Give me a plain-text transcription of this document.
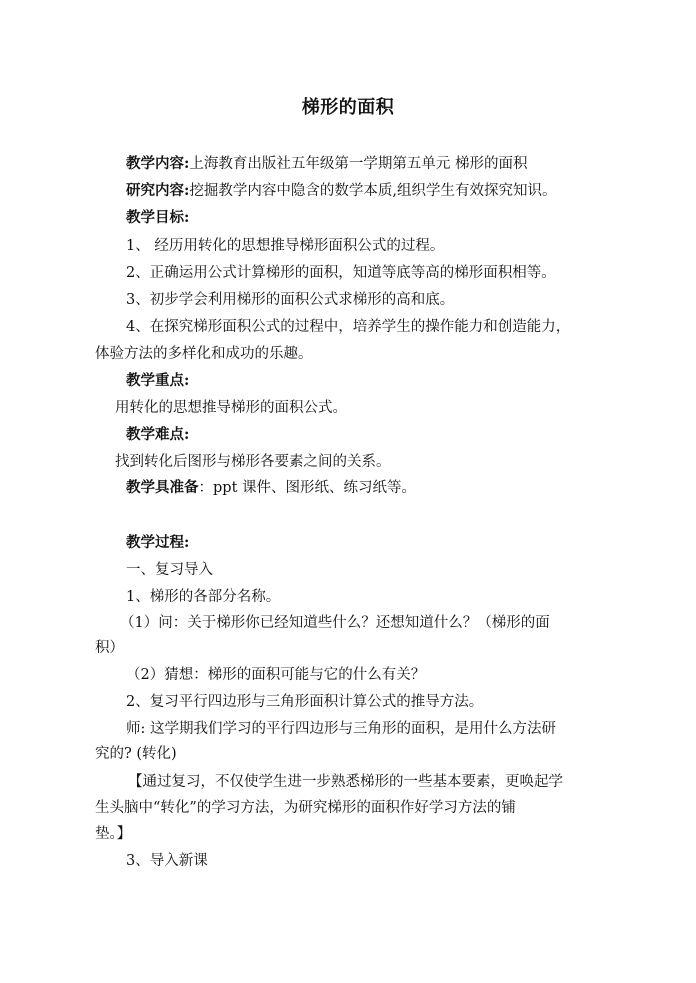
梯形的面积
教学内容:上海教育出版社五年级第一学期第五单元 梯形的面积
研究内容:挖掘教学内容中隐含的数学本质,组织学生有效探究知识。
教学目标:
1、 经历用转化的思想推导梯形面积公式的过程。
2、正确运用公式计算梯形的面积，知道等底等高的梯形面积相等。
3、初步学会利用梯形的面积公式求梯形的高和底。
4、在探究梯形面积公式的过程中，培养学生的操作能力和创造能力，
体验方法的多样化和成功的乐趣。
教学重点:
用转化的思想推导梯形的面积公式。
教学难点:
找到转化后图形与梯形各要素之间的关系。
教学具准备：ppt 课件、图形纸、练习纸等。
教学过程:
一、复习导入
1、梯形的各部分名称。
（1）问：关于梯形你已经知道些什么？还想知道什么？（梯形的面
积）
（2）猜想：梯形的面积可能与它的什么有关？
2、复习平行四边形与三角形面积计算公式的推导方法。
师: 这学期我们学习的平行四边形与三角形的面积，是用什么方法研
究的? (转化)
【通过复习，不仅使学生进一步熟悉梯形的一些基本要素，更唤起学
生头脑中“转化”的学习方法，为研究梯形的面积作好学习方法的铺
垫。】
3、导入新课
